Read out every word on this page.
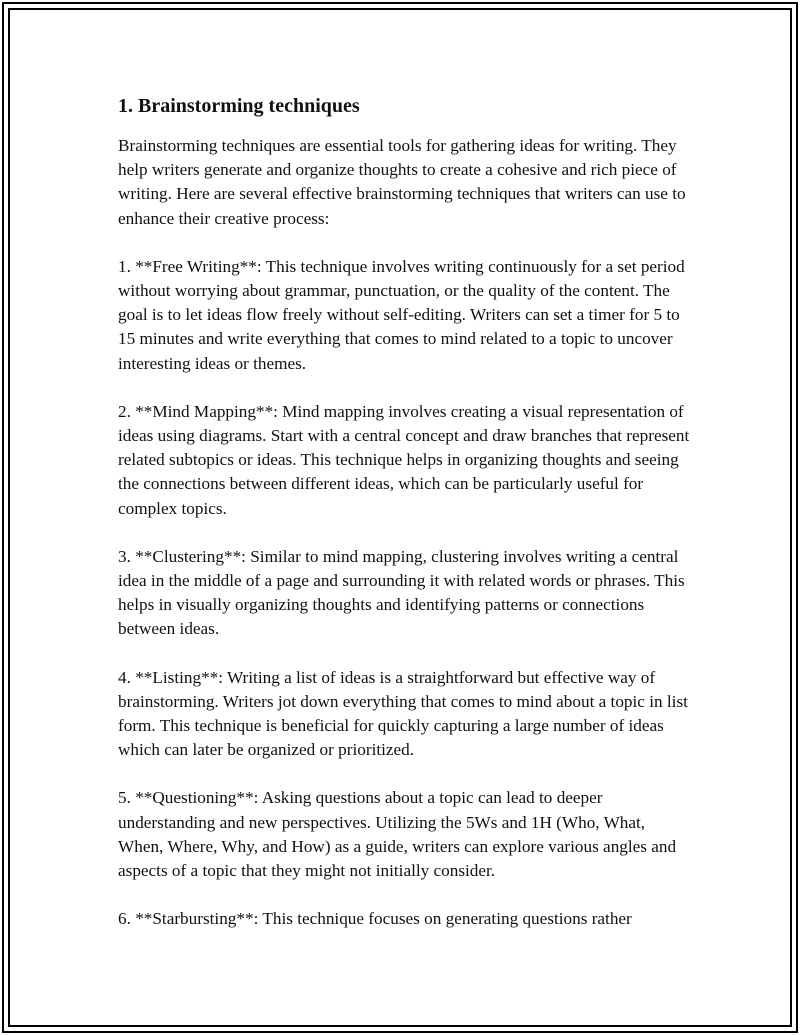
1. Brainstorming techniques

Brainstorming techniques are essential tools for gathering ideas for writing. They help writers generate and organize thoughts to create a cohesive and rich piece of writing. Here are several effective brainstorming techniques that writers can use to enhance their creative process:

1. **Free Writing**: This technique involves writing continuously for a set period without worrying about grammar, punctuation, or the quality of the content. The goal is to let ideas flow freely without self-editing. Writers can set a timer for 5 to 15 minutes and write everything that comes to mind related to a topic to uncover interesting ideas or themes.

2. **Mind Mapping**: Mind mapping involves creating a visual representation of ideas using diagrams. Start with a central concept and draw branches that represent related subtopics or ideas. This technique helps in organizing thoughts and seeing the connections between different ideas, which can be particularly useful for complex topics.

3. **Clustering**: Similar to mind mapping, clustering involves writing a central idea in the middle of a page and surrounding it with related words or phrases. This helps in visually organizing thoughts and identifying patterns or connections between ideas.

4. **Listing**: Writing a list of ideas is a straightforward but effective way of brainstorming. Writers jot down everything that comes to mind about a topic in list form. This technique is beneficial for quickly capturing a large number of ideas which can later be organized or prioritized.

5. **Questioning**: Asking questions about a topic can lead to deeper understanding and new perspectives. Utilizing the 5Ws and 1H (Who, What, When, Where, Why, and How) as a guide, writers can explore various angles and aspects of a topic that they might not initially consider.

6. **Starbursting**: This technique focuses on generating questions rather
